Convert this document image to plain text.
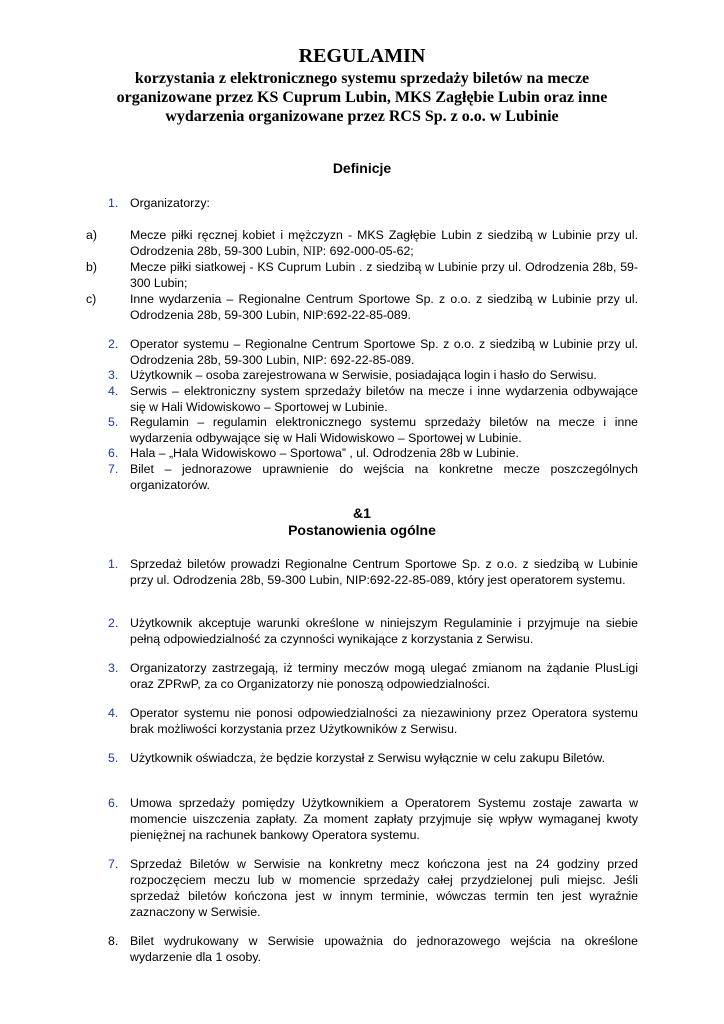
REGULAMIN
korzystania z elektronicznego systemu sprzedaży biletów na mecze
organizowane przez KS Cuprum Lubin, MKS Zagłębie Lubin oraz inne
wydarzenia organizowane przez RCS Sp. z o.o. w Lubinie
Definicje
1. Organizatorzy:
a)	Mecze piłki ręcznej kobiet i mężczyzn - MKS Zagłębie Lubin z siedzibą w Lubinie przy ul. Odrodzenia 28b, 59-300 Lubin, NIP: 692-000-05-62;
b)	Mecze piłki siatkowej - KS Cuprum Lubin . z siedzibą w Lubinie przy ul. Odrodzenia 28b, 59-300 Lubin;
c)	Inne wydarzenia – Regionalne Centrum Sportowe Sp. z o.o. z siedzibą w Lubinie przy ul. Odrodzenia 28b, 59-300 Lubin, NIP:692-22-85-089.
2. Operator systemu – Regionalne Centrum Sportowe Sp. z o.o. z siedzibą w Lubinie przy ul. Odrodzenia 28b, 59-300 Lubin, NIP: 692-22-85-089.
3. Użytkownik – osoba zarejestrowana w Serwisie, posiadająca login i hasło do Serwisu.
4. Serwis – elektroniczny system sprzedaży biletów na mecze i inne wydarzenia odbywające się w Hali Widowiskowo – Sportowej w Lubinie.
5. Regulamin – regulamin elektronicznego systemu sprzedaży biletów na mecze i inne wydarzenia odbywające się w Hali Widowiskowo – Sportowej w Lubinie.
6. Hala – „Hala Widowiskowo – Sportowa” , ul. Odrodzenia 28b w Lubinie.
7. Bilet – jednorazowe uprawnienie do wejścia na konkretne mecze poszczególnych organizatorów.
&1
Postanowienia ogólne
1. Sprzedaż biletów prowadzi Regionalne Centrum Sportowe Sp. z o.o. z siedzibą w Lubinie przy ul. Odrodzenia 28b, 59-300 Lubin, NIP:692-22-85-089, który jest operatorem systemu.
2. Użytkownik akceptuje warunki określone w niniejszym Regulaminie i przyjmuje na siebie pełną odpowiedzialność za czynności wynikające z korzystania z Serwisu.
3. Organizatorzy zastrzegają, iż terminy meczów mogą ulegać zmianom na żądanie PlusLigi oraz ZPRwP, za co Organizatorzy nie ponoszą odpowiedzialności.
4. Operator systemu nie ponosi odpowiedzialności za niezawiniony przez Operatora systemu brak możliwości korzystania przez Użytkowników z Serwisu.
5. Użytkownik oświadcza, że będzie korzystał z Serwisu wyłącznie w celu zakupu Biletów.
6. Umowa sprzedaży pomiędzy Użytkownikiem a Operatorem Systemu zostaje zawarta w momencie uiszczenia zapłaty. Za moment zapłaty przyjmuje się wpływ wymaganej kwoty pieniężnej na rachunek bankowy Operatora systemu.
7. Sprzedaż Biletów w Serwisie na konkretny mecz kończona jest na 24 godziny przed rozpoczęciem meczu lub w momencie sprzedaży całej przydzielonej puli miejsc. Jeśli sprzedaż biletów kończona jest w innym terminie, wówczas termin ten jest wyraźnie zaznaczony w Serwisie.
8. Bilet wydrukowany w Serwisie upoważnia do jednorazowego wejścia na określone wydarzenie dla 1 osoby.
